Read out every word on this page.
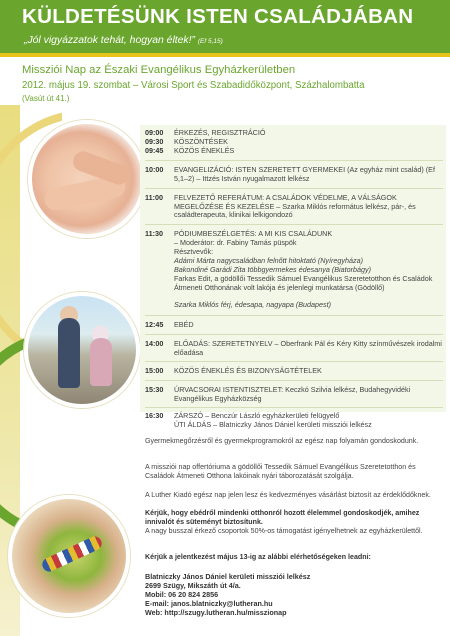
KÜLDETÉSÜNK ISTEN CSALÁDJÁBAN
„Jól vigyázzatok tehát, hogyan éltek!” (Ef 5,15)
Missziói Nap az Északi Evangélikus Egyházkerületben
2012. május 19. szombat – Városi Sport és Szabadidőközpont, Százhalombatta
(Vasút út 41.)
09:00 ÉRKEZÉS, REGISZTRÁCIÓ
09:30 KÖSZÖNTÉSEK
09:45 KÖZÖS ÉNEKLÉS
10:00 EVANGELIZÁCIÓ: ISTEN SZERETETT GYERMEKEI (Az egyház mint család) (Ef 5,1–2) – Ittzés István nyugalmazott lelkész
11:00 FELVEZETŐ REFERÁTUM: A CSALÁDOK VÉDELME, A VÁLSÁGOK MEGELŐZÉSE ÉS KEZELÉSE – Szarka Miklós református lelkész, pár-, és családterapeuta, klinikai lelkigondozó
11:30 PÓDIUMBESZÉLGETÉS: A MI KIS CSALÁDUNK
– Moderátor: dr. Fabiny Tamás püspök
Résztvevők:
Adámi Márta nagycsaládban felnőtt hitoktató (Nyíregyháza)
Bakondiné Garádi Zita többgyermekes édesanya (Biatorbágy)
Farkas Edit, a gödöllői Tessedik Sámuel Evangélikus Szeretetotthon és Családok Átmeneti Otthonának volt lakója és jelenlegi munkatársa (Gödöllő)
Szarka Miklós férj, édesapa, nagyapa (Budapest)
12:45 EBÉD
14:00 ELŐADÁS: SZERETETNYELV – Oberfrank Pál és Kéry Kitty színművészek irodalmi előadása
15:00 KÖZÖS ÉNEKLÉS ÉS BIZONYSÁGTÉTELEK
15:30 ÚRVACSORAI ISTENTISZTELET: Keczkó Szilvia lelkész, Budahegyvidéki Evangélikus Egyházközség
16:30 ZÁRSZÓ – Benczúr László egyházkerületi felügyelő
ÚTI ÁLDÁS – Blatniczky János Dániel kerületi missziói lelkész
Gyermekmegőrzésről és gyermekprogramokról az egész nap folyamán gondoskodunk.
A missziói nap offertóriuma a gödöllői Tessedik Sámuel Evangélikus Szeretetotthon és Családok Átmeneti Otthona lakóinak nyári táborozatását szolgálja.
A Luther Kiadó egész nap jelen lesz és kedvezményes vásárlást biztosít az érdeklődőknek.
Kérjük, hogy ebédről mindenki otthonról hozott élelemmel gondoskodjék, amihez innivalót és süteményt biztosítunk.
A nagy busszal érkező csoportok 50%-os támogatást igényelhetnek az egyházkerülettől.
Kérjük a jelentkezést május 13-ig az alábbi elérhetőségeken leadni:
Blatniczky János Dániel kerületi missziói lelkész
2699 Szügy, Mikszáth út 4/a.
Mobil: 06 20 824 2856
E-mail: janos.blatniczky@lutheran.hu
Web: http://szugy.lutheran.hu/misszionap
